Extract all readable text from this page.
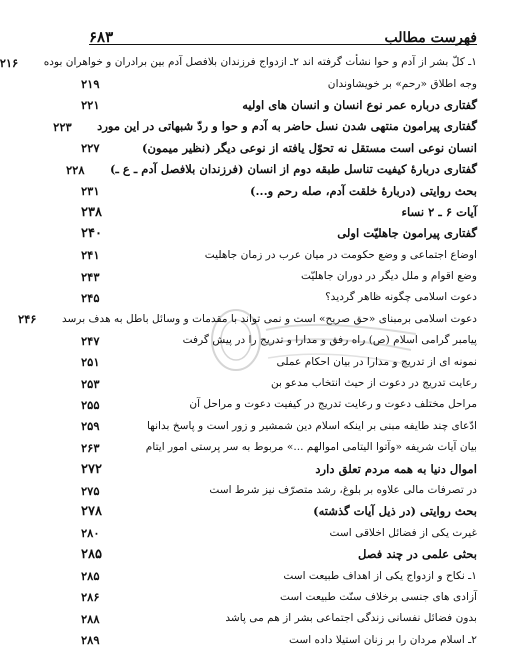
فهرست مطالب
۶۸۳
۱ـ کلّ بشر از آدم و حوا نشأت گرفته اند ۲ـ ازدواج فرزندان بلافصل آدم بین برادران و خواهران بوده
۲۱۶
وجه اطلاق «رحم» بر خویشاوندان
۲۱۹
گفتاری درباره عمر نوع انسان و انسان های اولیه
۲۲۱
گفتاری پیرامون منتهی شدن نسل حاضر به آدم و حوا و ردّ شبهاتی در این مورد
۲۲۳
انسان نوعی است مستقل نه تحوّل یافته از نوعی دیگر (نظیر میمون)
۲۲۷
گفتاری دربارهٔ کیفیت تناسل طبقه دوم از انسان (فرزندان بلافصل آدم ـ ع ـ)
۲۲۸
بحث روایتی (دربارهٔ خلقت آدم، صله رحم و...)
۲۳۱
آیات ۶ ـ ۲ نساء
۲۳۸
گفتاری پیرامون جاهلیّت اولی
۲۴۰
اوضاع اجتماعی و وضع حکومت در میان عرب در زمان جاهلیت
۲۴۱
وضع اقوام و ملل دیگر در دوران جاهلیّت
۲۴۳
دعوت اسلامی چگونه ظاهر گردید؟
۲۴۵
دعوت اسلامی برمبنای «حق صریح» است و نمی تواند با مقدمات و وسائل باطل به هدف برسد
۲۴۶
پیامبر گرامی اسلام (ص) راه رفق و مدارا و تدریج را در پیش گرفت
۲۴۷
نمونه ای از تدریج و مدارا در بیان احکام عملی
۲۵۱
رعایت تدریج در دعوت از حیث انتخاب مدعو بن
۲۵۳
مراحل مختلف دعوت و رعایت تدریج در کیفیت دعوت و مراحل آن
۲۵۵
ادّعای چند طایفه مبنی بر اینکه اسلام دین شمشیر و زور است و پاسخ بدانها
۲۵۹
بیان آیات شریفه «وآتوا الیتامی اموالهم ...» مربوط به سر پرستی امور ایتام
۲۶۳
اموال دنیا به همه مردم تعلق دارد
۲۷۲
در تصرفات مالی علاوه بر بلوغ، رشد متصرّف نیز شرط است
۲۷۵
بحث روایتی (در ذیل آیات گذشته)
۲۷۸
غیرت یکی از فضائل اخلاقی است
۲۸۰
بحثی علمی در چند فصل
۲۸۵
۱ـ نکاح و ازدواج یکی از اهداف طبیعت است
۲۸۵
آزادی های جنسی برخلاف سنّت طبیعت است
۲۸۶
بدون فضائل نفسانی زندگی اجتماعی بشر از هم می پاشد
۲۸۸
۲ـ اسلام مردان را بر زنان استیلا داده است
۲۸۹
